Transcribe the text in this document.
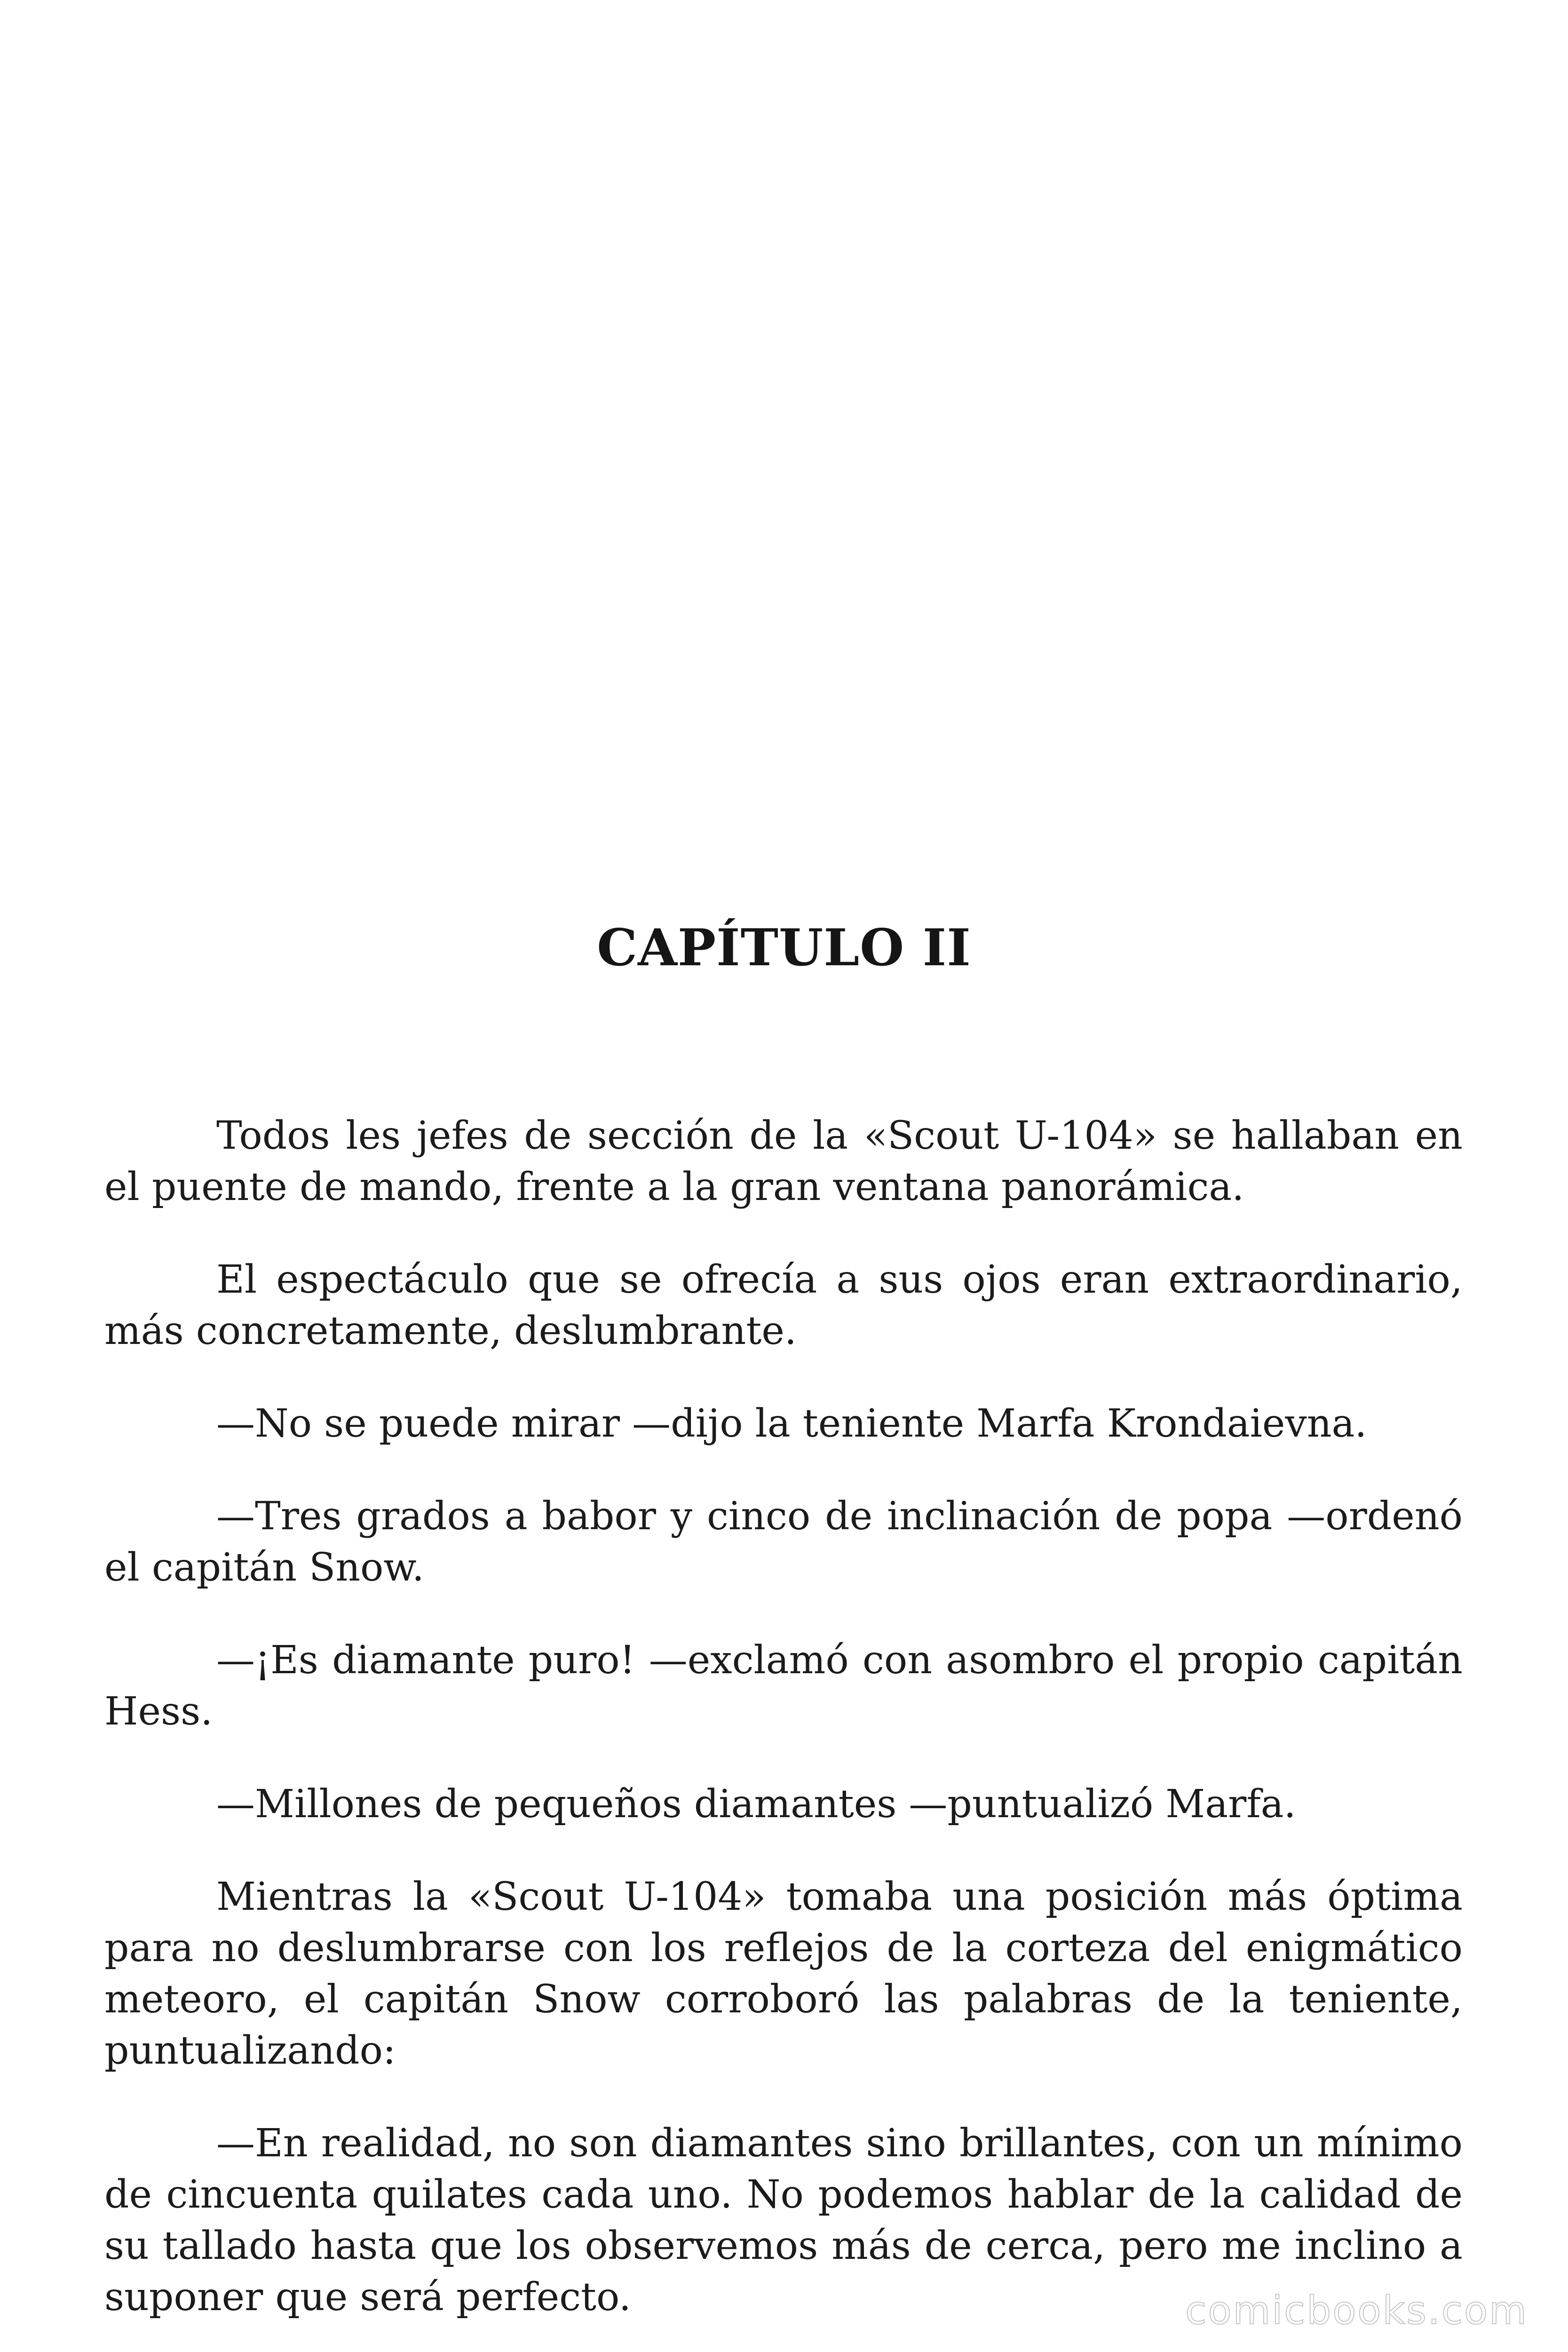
CAPÍTULO II

Todos les jefes de sección de la «Scout U-104» se hallaban en el puente de mando, frente a la gran ventana panorámica.

El espectáculo que se ofrecía a sus ojos eran extraordinario, más concretamente, deslumbrante.

—No se puede mirar —dijo la teniente Marfa Krondaievna.

—Tres grados a babor y cinco de inclinación de popa —ordenó el capitán Snow.

—¡Es diamante puro! —exclamó con asombro el propio capitán Hess.

—Millones de pequeños diamantes —puntualizó Marfa.

Mientras la «Scout U-104» tomaba una posición más óptima para no deslumbrarse con los reflejos de la corteza del enigmático meteoro, el capitán Snow corroboró las palabras de la teniente, puntualizando:

—En realidad, no son diamantes sino brillantes, con un mínimo de cincuenta quilates cada uno. No podemos hablar de la calidad de su tallado hasta que los observemos más de cerca, pero me inclino a suponer que será perfecto.	comicbooks.com
